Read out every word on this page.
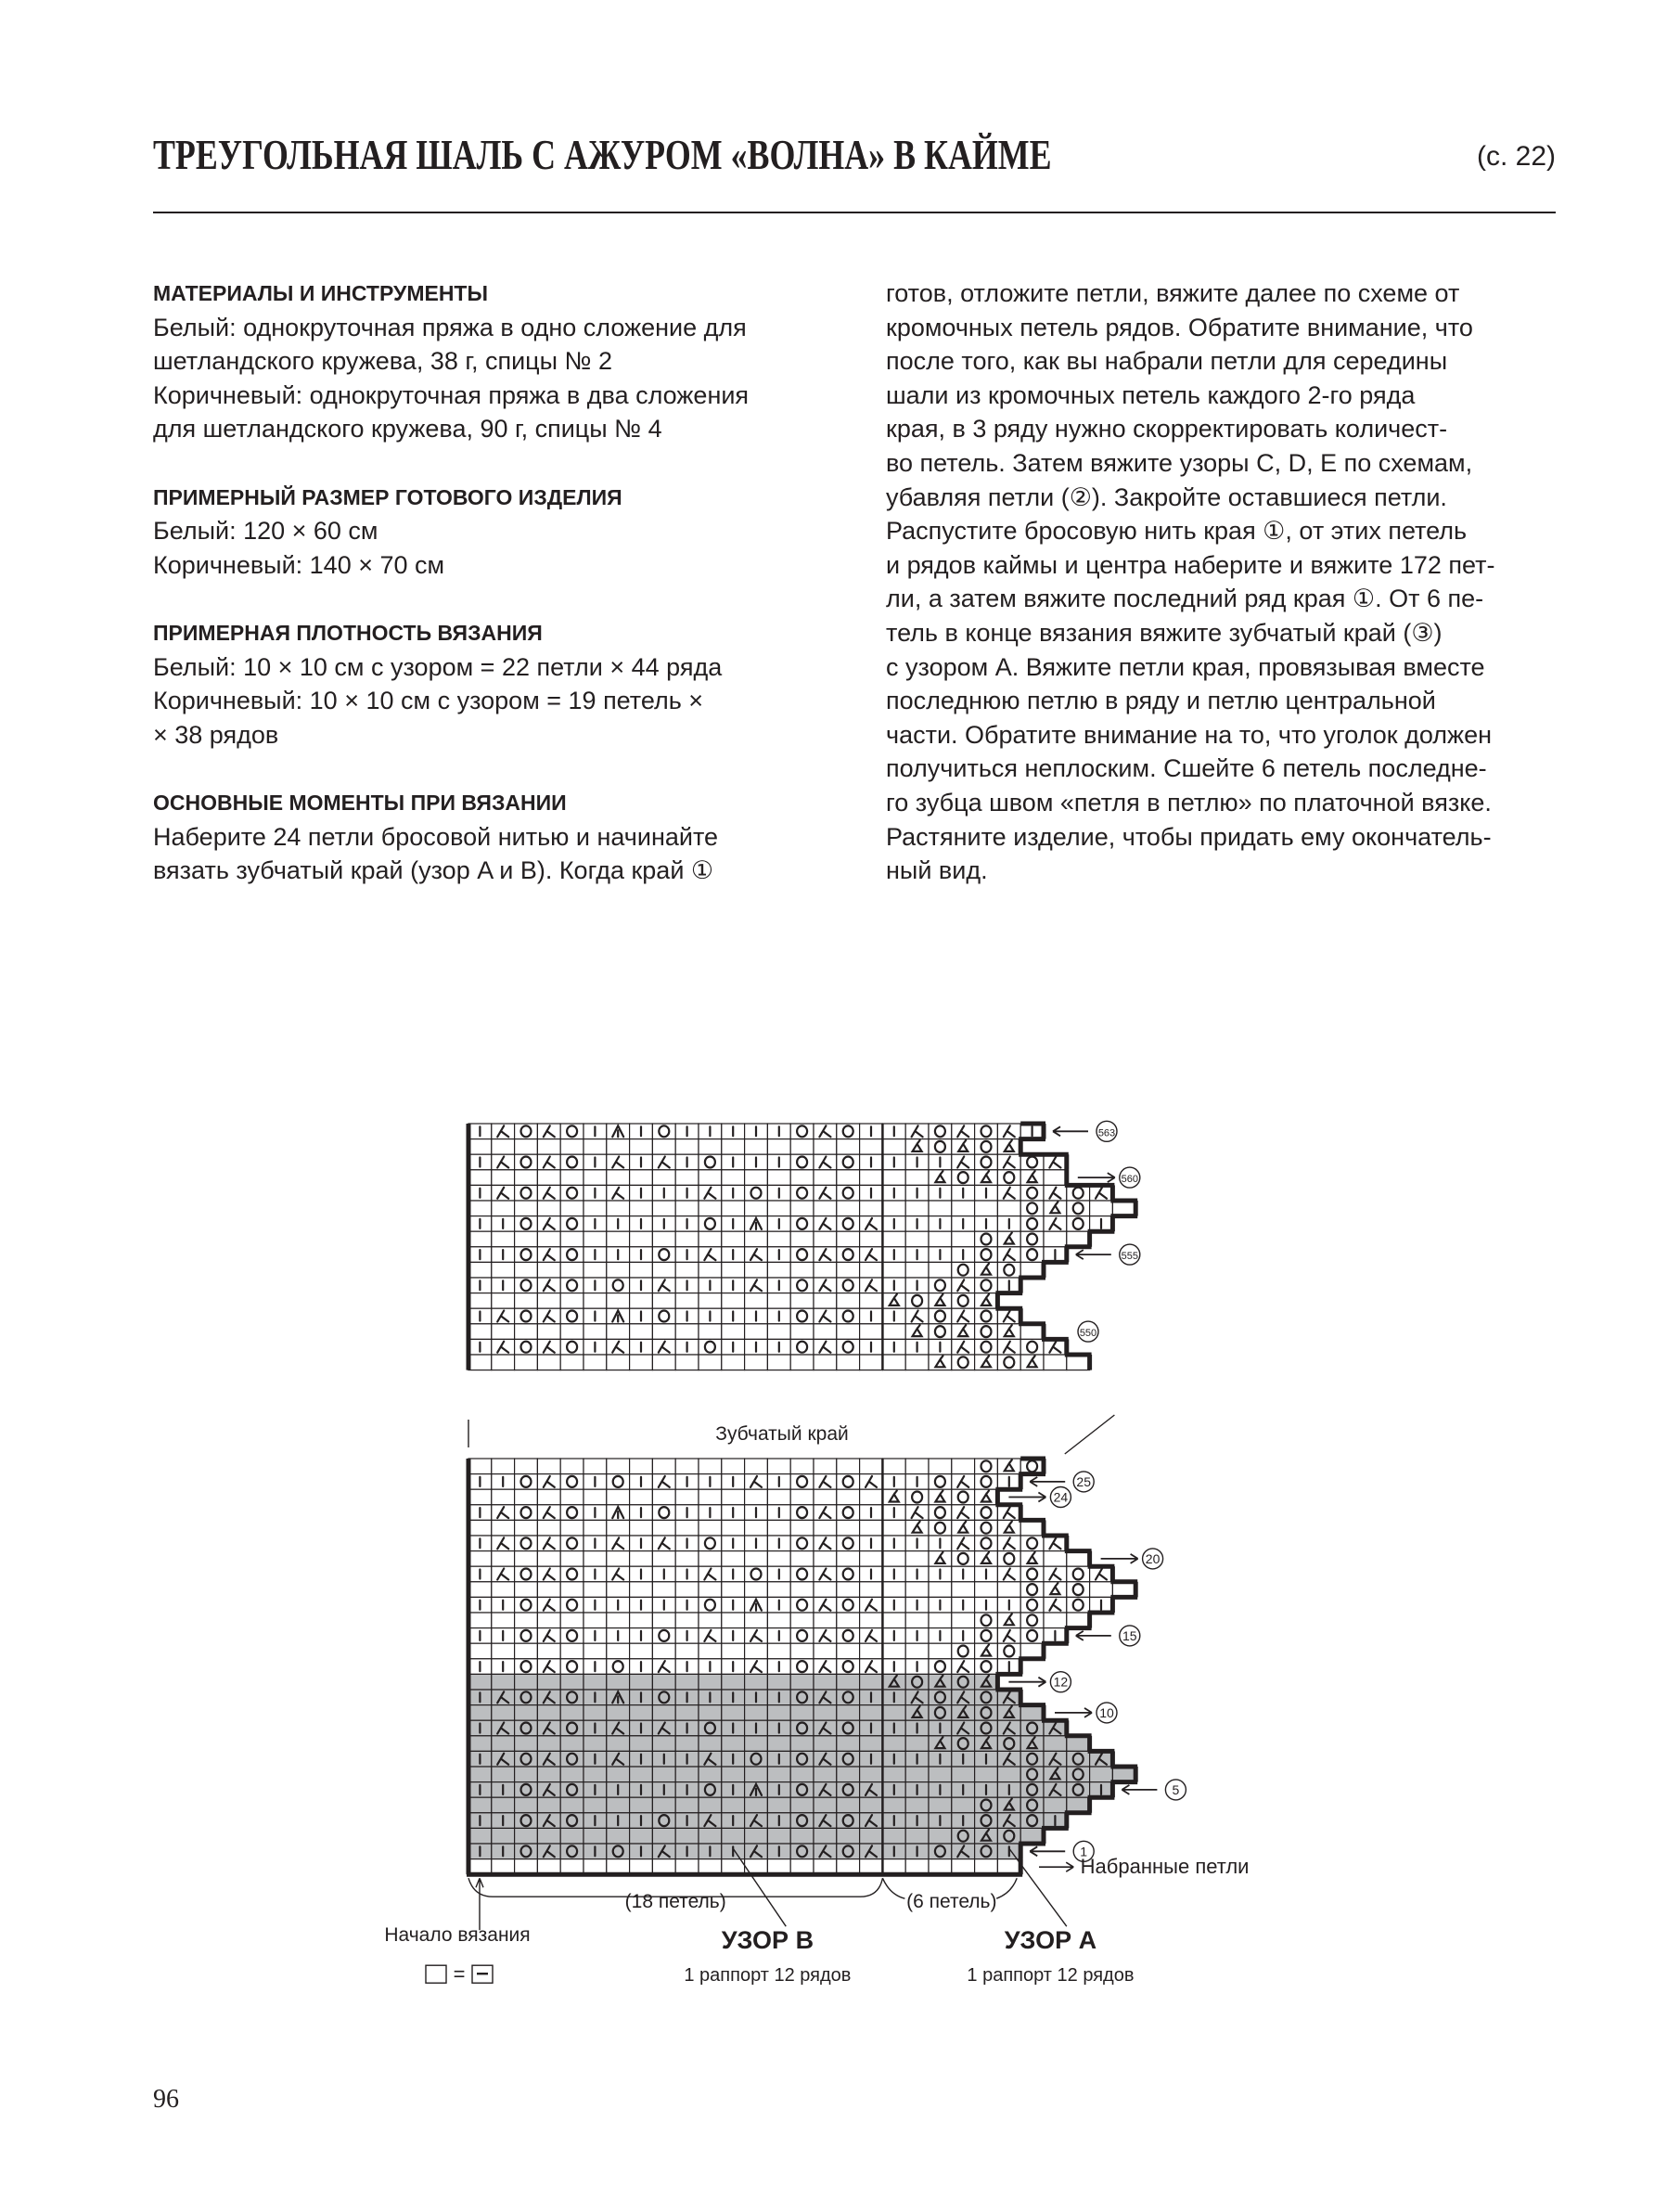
ТРЕУГОЛЬНАЯ ШАЛЬ С АЖУРОМ «ВОЛНА» В КАЙМЕ	(с. 22)
МАТЕРИАЛЫ И ИНСТРУМЕНТЫ

Белый: однокруточная пряжа в одно сложение для

шетландского кружева, 38 г, спицы № 2

Коричневый: однокруточная пряжа в два сложения

для шетландского кружева, 90 г, спицы № 4

ПРИМЕРНЫЙ РАЗМЕР ГОТОВОГО ИЗДЕЛИЯ

Белый: 120 × 60 см

Коричневый: 140 × 70 см

ПРИМЕРНАЯ ПЛОТНОСТЬ ВЯЗАНИЯ

Белый: 10 × 10 см с узором = 22 петли × 44 ряда

Коричневый: 10 × 10 см с узором = 19 петель ×

× 38 рядов

ОСНОВНЫЕ МОМЕНТЫ ПРИ ВЯЗАНИИ

Наберите 24 петли бросовой нитью и начинайте

вязать зубчатый край (узор A и B). Когда край ①

готов, отложите петли, вяжите далее по схеме от

кромочных петель рядов. Обратите внимание, что

после того, как вы набрали петли для середины

шали из кромочных петель каждого 2-го ряда

края, в 3 ряду нужно скорректировать количест-

во петель. Затем вяжите узоры C, D, E по схемам,

убавляя петли (②). Закройте оставшиеся петли.

Распустите бросовую нить края ①, от этих петель

и рядов каймы и центра наберите и вяжите 172 пет-

ли, а затем вяжите последний ряд края ①. От 6 пе-

тель в конце вязания вяжите зубчатый край (③)

с узором A. Вяжите петли края, провязывая вместе

последнюю петлю в ряду и петлю центральной

части. Обратите внимание на то, что уголок должен

получиться неплоским. Сшейте 6 петель последне-

го зубца швом «петля в петлю» по платочной вязке.

Растяните изделие, чтобы придать ему окончатель-

ный вид.

563
560
555
550
25
24
20
15
12
10
5
1
Зубчатый край
(18 петель)	(6 петель)
Начало вязания
=
УЗОР B	УЗОР A
1 раппорт 12 рядов	1 раппорт 12 рядов
Набранные петли
96
